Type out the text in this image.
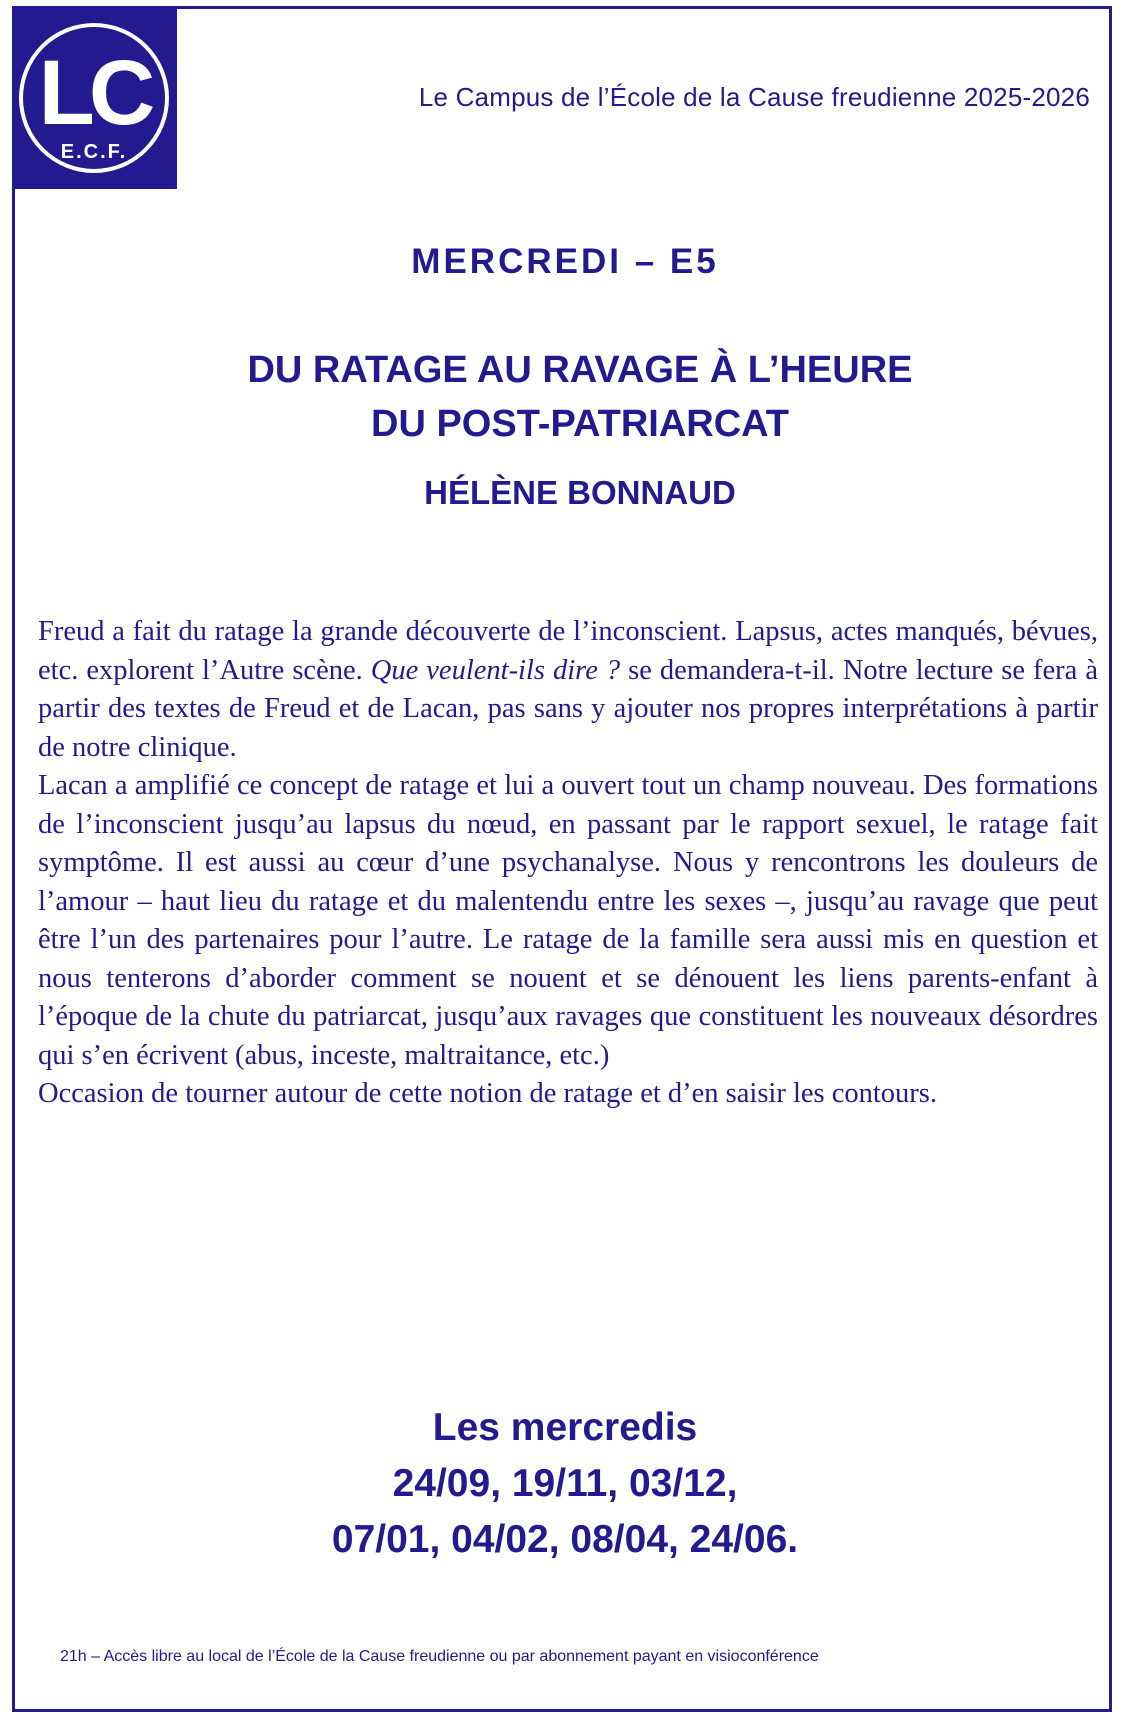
LC
E.C.F.
Le Campus de l’École de la Cause freudienne 2025-2026
MERCREDI – E5
DU RATAGE AU RAVAGE À L’HEURE
DU POST-PATRIARCAT
HÉLÈNE BONNAUD

Freud a fait du ratage la grande découverte de l’inconscient. Lapsus, actes manqués, bévues, etc. explorent l’Autre scène. Que veulent-ils dire ? se demandera-t-il. Notre lecture se fera à partir des textes de Freud et de Lacan, pas sans y ajouter nos propres interprétations à partir de notre clinique.

Lacan a amplifié ce concept de ratage et lui a ouvert tout un champ nouveau. Des formations de l’inconscient jusqu’au lapsus du nœud, en passant par le rapport sexuel, le ratage fait symptôme. Il est aussi au cœur d’une psychanalyse. Nous y rencontrons les douleurs de l’amour – haut lieu du ratage et du malentendu entre les sexes –, jusqu’au ravage que peut être l’un des partenaires pour l’autre. Le ratage de la famille sera aussi mis en question et nous tenterons d’aborder comment se nouent et se dénouent les liens parents-enfant à l’époque de la chute du patriarcat, jusqu’aux ravages que constituent les nouveaux désordres qui s’en écrivent (abus, inceste, maltraitance, etc.)

Occasion de tourner autour de cette notion de ratage et d’en saisir les contours.

Les mercredis
24/09, 19/11, 03/12,
07/01, 04/02, 08/04, 24/06.
21h – Accès libre au local de l’École de la Cause freudienne ou par abonnement payant en visioconférence
